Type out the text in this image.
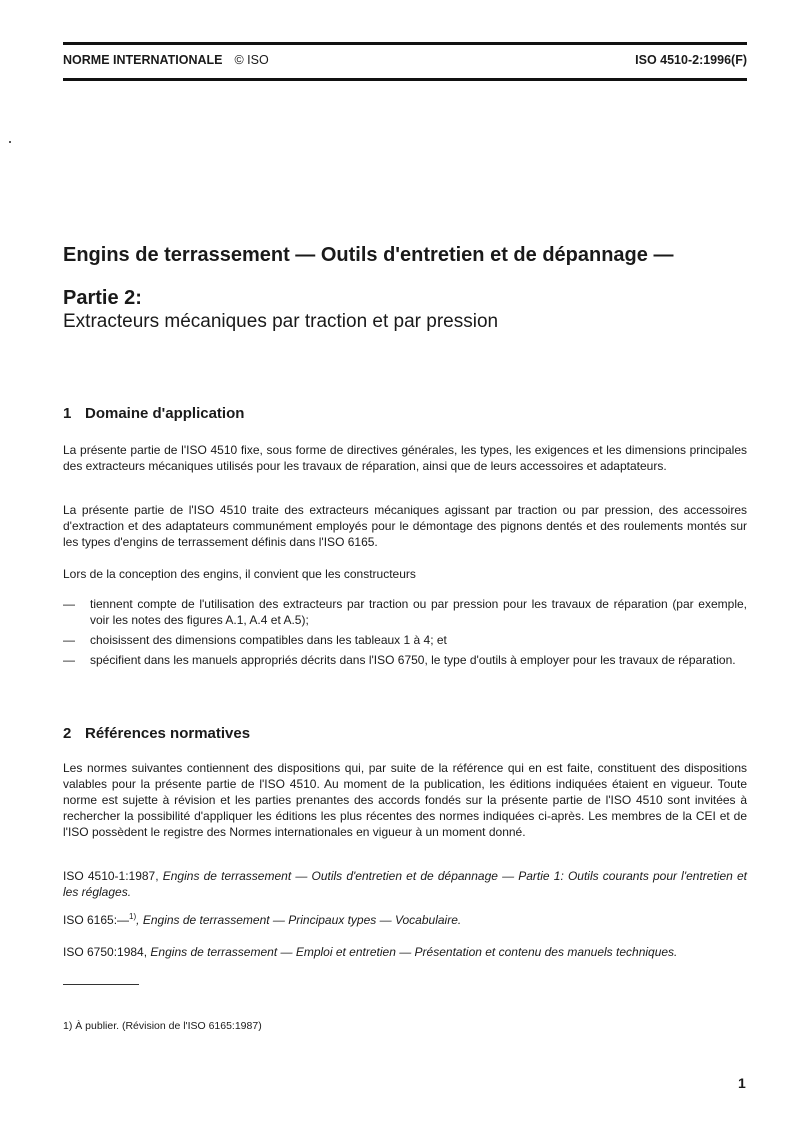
NORME INTERNATIONALE © ISO	ISO 4510-2:1996(F)
Engins de terrassement — Outils d'entretien et de dépannage —
Partie 2:
Extracteurs mécaniques par traction et par pression
1 Domaine d'application
La présente partie de l'ISO 4510 fixe, sous forme de directives générales, les types, les exigences et les dimensions principales des extracteurs mécaniques utilisés pour les travaux de réparation, ainsi que de leurs accessoires et adaptateurs.
La présente partie de l'ISO 4510 traite des extracteurs mécaniques agissant par traction ou par pression, des accessoires d'extraction et des adaptateurs communément employés pour le démontage des pignons dentés et des roulements montés sur les types d'engins de terrassement définis dans l'ISO 6165.
Lors de la conception des engins, il convient que les constructeurs
— tiennent compte de l'utilisation des extracteurs par traction ou par pression pour les travaux de réparation (par exemple, voir les notes des figures A.1, A.4 et A.5);
— choisissent des dimensions compatibles dans les tableaux 1 à 4; et
— spécifient dans les manuels appropriés décrits dans l'ISO 6750, le type d'outils à employer pour les travaux de réparation.
2 Références normatives
Les normes suivantes contiennent des dispositions qui, par suite de la référence qui en est faite, constituent des dispositions valables pour la présente partie de l'ISO 4510. Au moment de la publication, les éditions indiquées étaient en vigueur. Toute norme est sujette à révision et les parties prenantes des accords fondés sur la présente partie de l'ISO 4510 sont invitées à rechercher la possibilité d'appliquer les éditions les plus récentes des normes indiquées ci-après. Les membres de la CEI et de l'ISO possèdent le registre des Normes internationales en vigueur à un moment donné.
ISO 4510-1:1987, Engins de terrassement — Outils d'entretien et de dépannage — Partie 1: Outils courants pour l'entretien et les réglages.
ISO 6165:—$^{1)}$, Engins de terrassement — Principaux types — Vocabulaire.
ISO 6750:1984, Engins de terrassement — Emploi et entretien — Présentation et contenu des manuels techniques.
1) À publier. (Révision de l'ISO 6165:1987)
1
